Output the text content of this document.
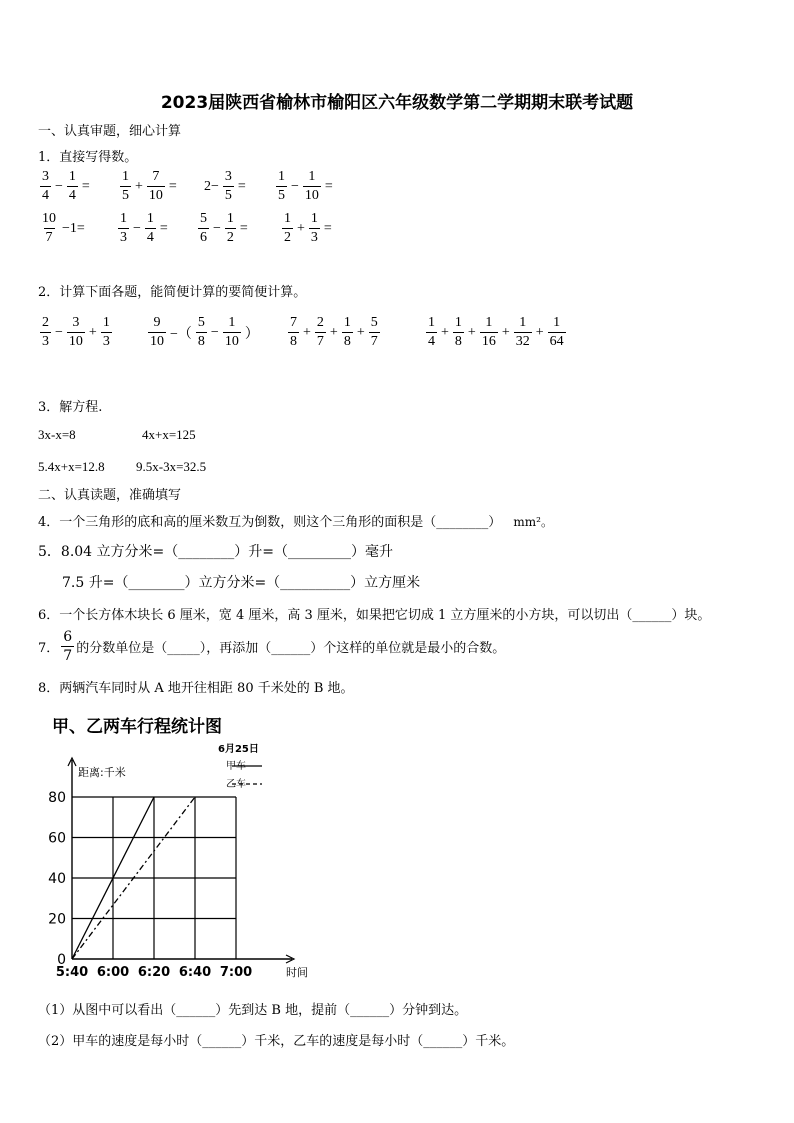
2023届陕西省榆林市榆阳区六年级数学第二学期期末联考试题
一、认真审题，细心计算
1．直接写得数。
$\frac{3}{4} - \frac{1}{4} = \frac{1}{5} + \frac{7}{10} = 2- \frac{3}{5} = \frac{1}{5} - \frac{1}{10}$ =
$\frac{10}{7} -1= \frac{1}{3} - \frac{1}{4} = \frac{5}{6} - \frac{1}{2} = \frac{1}{2} + \frac{1}{3}$ =
2．计算下面各题，能简便计算的要简便计算。
$\frac{2}{3} - \frac{3}{10} + \frac{1}{3}$	$\frac{9}{10}$ −（ $\frac{5}{8} - \frac{1}{10}$ ） $\frac{7}{8} + \frac{2}{7} + \frac{1}{8} + \frac{5}{7}$	$\frac{1}{4} + \frac{1}{8} + \frac{1}{16} + \frac{1}{32} + \frac{1}{64}$
3．解方程.
3x-x=8	4x+x=125
5.4x+x=12.8 9.5x-3x=32.5
二、认真读题，准确填写
4．一个三角形的底和高的厘米数互为倒数，则这个三角形的面积是（________） mm²。
5．8.04 立方分米=（________）升=（_________）毫升
7.5 升=（________）立方分米=（__________）立方厘米
6．一个长方体木块长 6 厘米，宽 4 厘米，高 3 厘米，如果把它切成 1 立方厘米的小方块，可以切出（______）块。
7． $\frac{6}{7}$ 的分数单位是（_____），再添加（______）个这样的单位就是最小的合数。
8．两辆汽车同时从 A 地开往相距 80 千米处的 B 地。
甲、乙两车行程统计图
6月25日
距离:千米	甲车
乙车
0
20
40
60
80
5:40 6:00 6:20 6:40 7:00	时间
（1）从图中可以看出（______）先到达 B 地，提前（______）分钟到达。
（2）甲车的速度是每小时（______）千米，乙车的速度是每小时（______）千米。
